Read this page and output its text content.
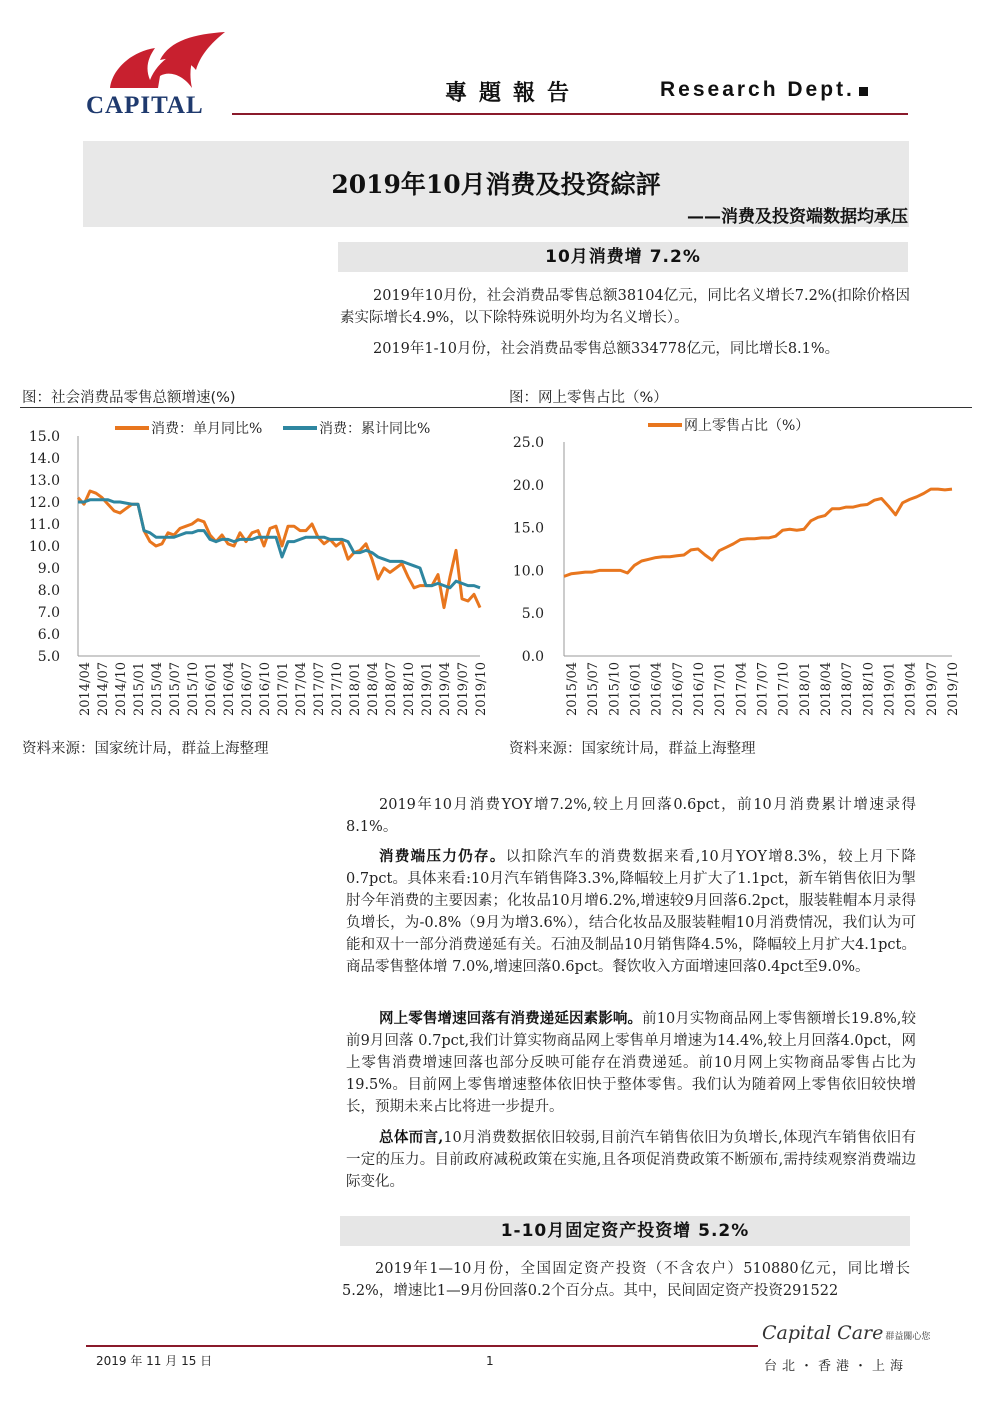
CAPITAL	專題報告	Research Dept.
2019年10月消费及投资綜評
——消费及投资端数据均承压
10月消费增 7.2%
2019年10月份，社会消费品零售总额38104亿元，同比名义增长7.2%(扣除价格因素实际增长4.9%，以下除特殊说明外均为名义增长）。
2019年1-10月份，社会消费品零售总额334778亿元，同比增长8.1%。
图：社会消费品零售总额增速(%)	图：网上零售占比（%）
消费：单月同比%	消费：累计同比%
15.0
14.0
13.0
12.0
11.0
10.0
9.0
8.0
7.0
6.0
5.0
2014/04 2014/07 2014/10 2015/01 2015/04 2015/07 2015/10 2016/01 2016/04 2016/07 2016/10 2017/01 2017/04 2017/07 2017/10 2018/01 2018/04 2018/07 2018/10 2019/01 2019/04 2019/07 2019/10
网上零售占比（%）
25.0
20.0
15.0
10.0
5.0
0.0
2015/04 2015/07 2015/10 2016/01 2016/04 2016/07 2016/10 2017/01 2017/04 2017/07 2017/10 2018/01 2018/04 2018/07 2018/10 2019/01 2019/04 2019/07 2019/10
资料来源：国家统计局，群益上海整理	资料来源：国家统计局，群益上海整理
2019年10月消费YOY增7.2%,较上月回落0.6pct，前10月消费累计增速录得8.1%。
消费端压力仍存。以扣除汽车的消费数据来看,10月YOY增8.3%，较上月下降0.7pct。具体来看:10月汽车销售降3.3%,降幅较上月扩大了1.1pct，新车销售依旧为掣肘今年消费的主要因素；化妆品10月增6.2%,增速较9月回落6.2pct，服装鞋帽本月录得负增长，为-0.8%（9月为增3.6%），结合化妆品及服装鞋帽10月消费情况，我们认为可能和双十一部分消费递延有关。石油及制品10月销售降4.5%，降幅较上月扩大4.1pct。商品零售整体增 7.0%,增速回落0.6pct。餐饮收入方面增速回落0.4pct至9.0%。
网上零售增速回落有消费递延因素影响。前10月实物商品网上零售额增长19.8%,较前9月回落 0.7pct,我们计算实物商品网上零售单月增速为14.4%,较上月回落4.0pct，网上零售消费增速回落也部分反映可能存在消费递延。前10月网上实物商品零售占比为 19.5%。目前网上零售增速整体依旧快于整体零售。我们认为随着网上零售依旧较快增长，预期未来占比将进一步提升。
总体而言,10月消费数据依旧较弱,目前汽车销售依旧为负增长,体现汽车销售依旧有一定的压力。目前政府减税政策在实施,且各项促消费政策不断颁布,需持续观察消费端边际变化。
1-10月固定资产投资增 5.2%
2019年1—10月份，全国固定资产投资（不含农户）510880亿元，同比增长5.2%，增速比1—9月份回落0.2个百分点。其中，民间固定资产投资291522
2019 年 11 月 15 日	1
Capital Care 群益關心您
台北・香港・上海
